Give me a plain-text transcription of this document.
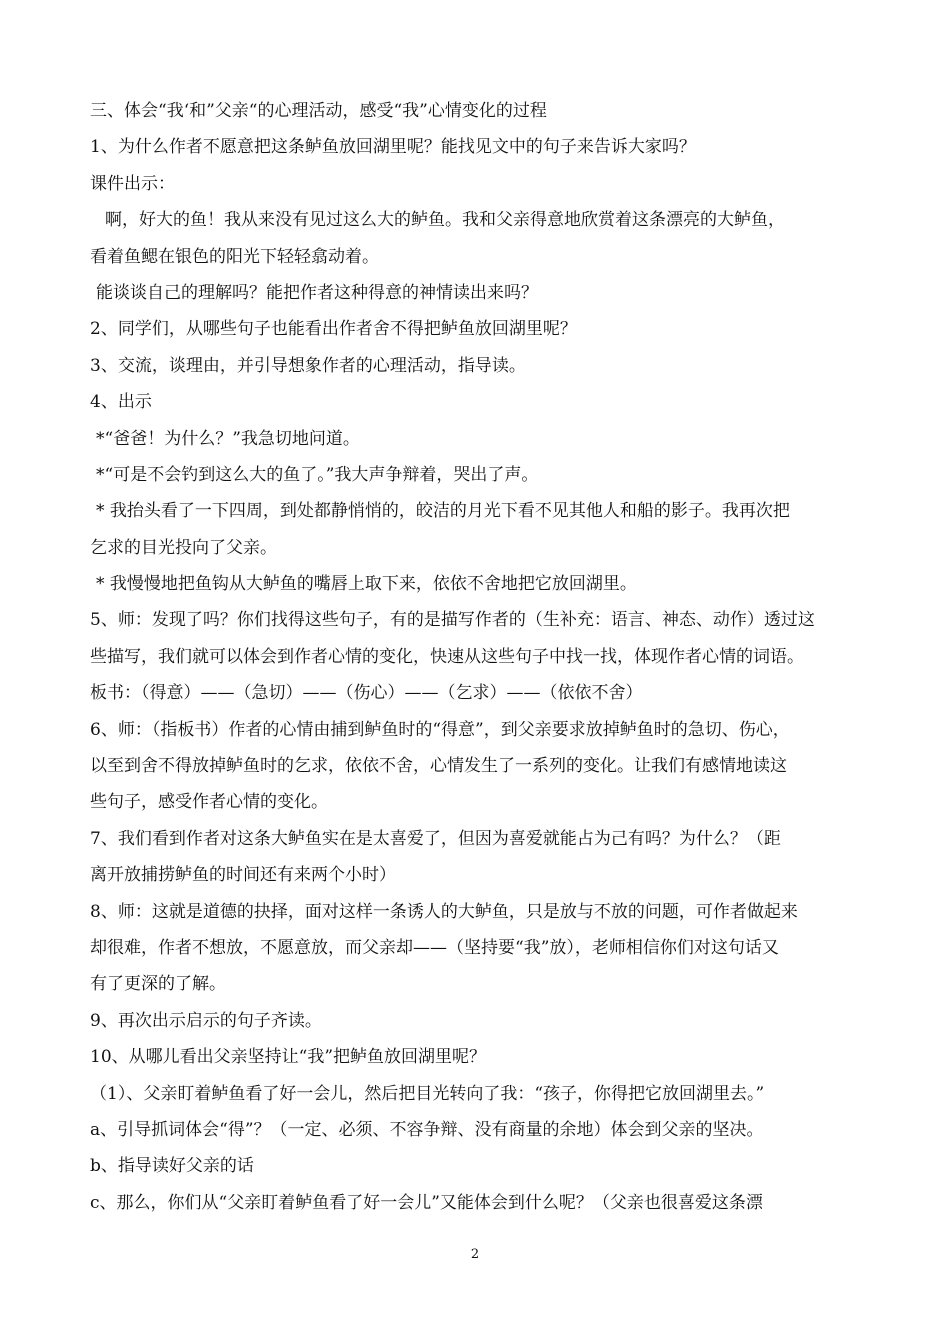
三、体会“我‘和”父亲“的心理活动，感受“我”心情变化的过程
1、为什么作者不愿意把这条鲈鱼放回湖里呢？能找见文中的句子来告诉大家吗？
课件出示：
啊，好大的鱼！我从来没有见过这么大的鲈鱼。我和父亲得意地欣赏着这条漂亮的大鲈鱼，
看着鱼鳃在银色的阳光下轻轻翕动着。
能谈谈自己的理解吗？能把作者这种得意的神情读出来吗？
2、同学们，从哪些句子也能看出作者舍不得把鲈鱼放回湖里呢？
3、交流，谈理由，并引导想象作者的心理活动，指导读。
4、出示
*“爸爸！为什么？”我急切地问道。
*“可是不会钓到这么大的鱼了。”我大声争辩着，哭出了声。
* 我抬头看了一下四周，到处都静悄悄的，皎洁的月光下看不见其他人和船的影子。我再次把
乞求的目光投向了父亲。
* 我慢慢地把鱼钩从大鲈鱼的嘴唇上取下来，依依不舍地把它放回湖里。
5、师：发现了吗？你们找得这些句子，有的是描写作者的（生补充：语言、神态、动作）透过这
些描写，我们就可以体会到作者心情的变化，快速从这些句子中找一找，体现作者心情的词语。
板书：（得意）——（急切）——（伤心）——（乞求）——（依依不舍）
6、师：（指板书）作者的心情由捕到鲈鱼时的“得意”，到父亲要求放掉鲈鱼时的急切、伤心，
以至到舍不得放掉鲈鱼时的乞求，依依不舍，心情发生了一系列的变化。让我们有感情地读这
些句子，感受作者心情的变化。
7、我们看到作者对这条大鲈鱼实在是太喜爱了，但因为喜爱就能占为己有吗？为什么？（距
离开放捕捞鲈鱼的时间还有来两个小时）
8、师：这就是道德的抉择，面对这样一条诱人的大鲈鱼，只是放与不放的问题，可作者做起来
却很难，作者不想放，不愿意放，而父亲却——（坚持要“我”放），老师相信你们对这句话又
有了更深的了解。
9、再次出示启示的句子齐读。
10、从哪儿看出父亲坚持让“我”把鲈鱼放回湖里呢？
（1）、父亲盯着鲈鱼看了好一会儿，然后把目光转向了我：“孩子，你得把它放回湖里去。”
a、引导抓词体会“得”？（一定、必须、不容争辩、没有商量的余地）体会到父亲的坚决。
b、指导读好父亲的话
c、那么，你们从“父亲盯着鲈鱼看了好一会儿”又能体会到什么呢？（父亲也很喜爱这条漂
2
